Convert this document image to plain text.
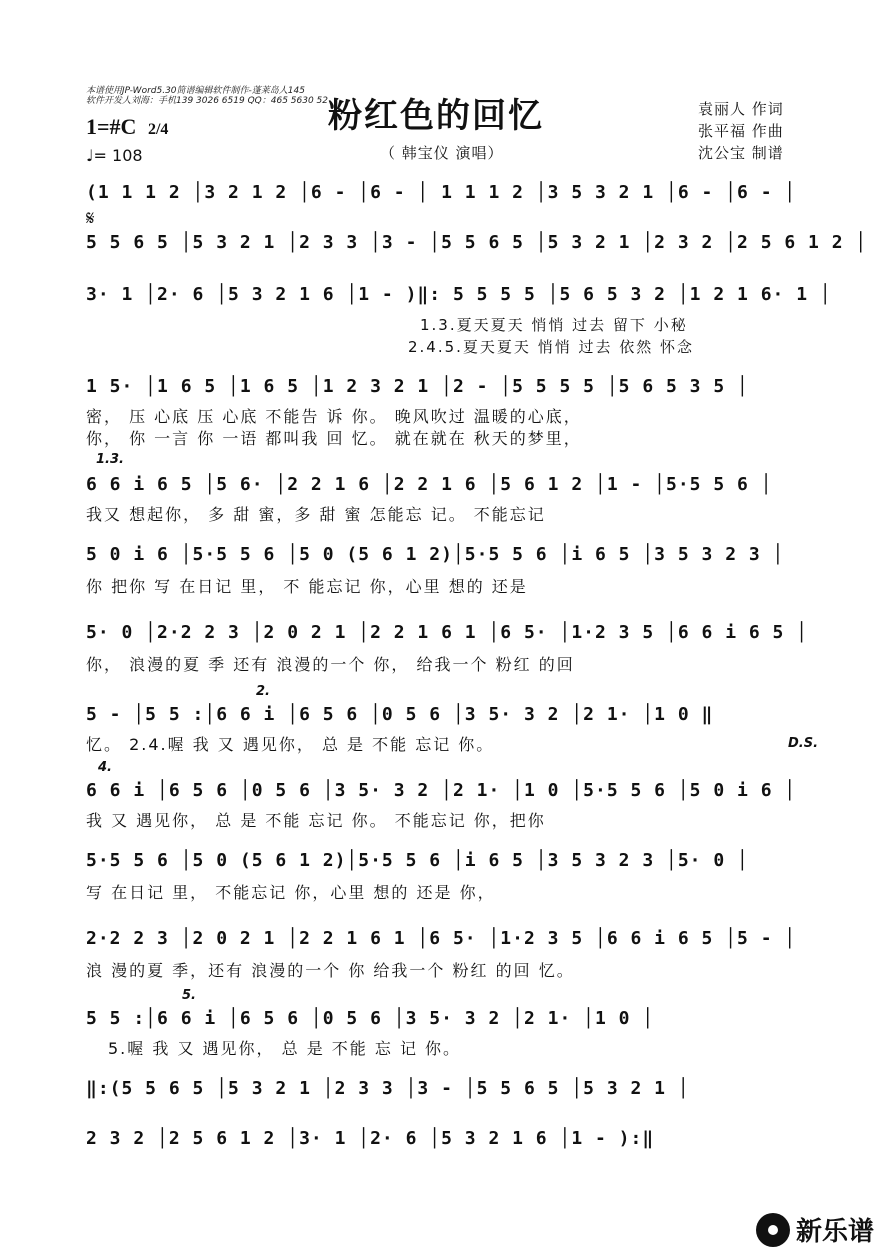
本谱使用JP-Word5.30简谱编辑软件制作-蓬莱岛人145
软件开发人刘海：手机139 3026 6519 QQ：465 5630 52 粉红色的回忆
（ 韩宝仪 演唱）
袁丽人 作词
张平福 作曲
沈公宝 制谱
1=#C 2/4
♩= 108
(1 1 1 2 │3 2 1 2 │6 - │6 - │ 1 1 1 2 │3 5 3 2 1 │6 - │6 - │
𝄋
5 5 6 5 │5 3 2 1 │2 3 3 │3 - │5 5 6 5 │5 3 2 1 │2 3 2 │2 5 6 1 2 │
3· 1 │2· 6 │5 3 2 1 6 │1 - )‖: 5 5 5 5 │5 6 5 3 2 │1 2 1 6· 1 │
1.3.夏天夏天 悄悄 过去 留下 小秘
2.4.5.夏天夏天 悄悄 过去 依然 怀念
1 5· │1 6 5 │1 6 5 │1 2 3 2 1 │2 - │5 5 5 5 │5 6 5 3 5 │
密， 压 心底 压 心底 不能告 诉 你。 晚风吹过 温暖的心底，
你， 你 一言 你 一语 都叫我 回 忆。 就在就在 秋天的梦里，
1.3.
6 6 i 6 5 │5 6· │2 2 1 6 │2 2 1 6 │5 6 1 2 │1 - │5·5 5 6 │
我又 想起你， 多 甜 蜜，多 甜 蜜 怎能忘 记。 不能忘记
5 0 i 6 │5·5 5 6 │5 0 (5 6 1 2)│5·5 5 6 │i 6 5 │3 5 3 2 3 │
你 把你 写 在日记 里， 不 能忘记 你，心里 想的 还是
5· 0 │2·2 2 3 │2 0 2 1 │2 2 1 6 1 │6 5· │1·2 3 5 │6 6 i 6 5 │
你， 浪漫的夏 季 还有 浪漫的一个 你， 给我一个 粉红 的回
2.
5 - │5 5 :│6 6 i │6 5 6 │0 5 6 │3 5· 3 2 │2 1· │1 0 ‖
忆。 2.4.喔 我 又 遇见你， 总 是 不能 忘记 你。	D.S.
4.
6 6 i │6 5 6 │0 5 6 │3 5· 3 2 │2 1· │1 0 │5·5 5 6 │5 0 i 6 │
我 又 遇见你， 总 是 不能 忘记 你。 不能忘记 你，把你
5·5 5 6 │5 0 (5 6 1 2)│5·5 5 6 │i 6 5 │3 5 3 2 3 │5· 0 │
写 在日记 里， 不能忘记 你，心里 想的 还是 你，
2·2 2 3 │2 0 2 1 │2 2 1 6 1 │6 5· │1·2 3 5 │6 6 i 6 5 │5 - │
浪 漫的夏 季，还有 浪漫的一个 你 给我一个 粉红 的回 忆。
5.
5 5 :│6 6 i │6 5 6 │0 5 6 │3 5· 3 2 │2 1· │1 0 │
5.喔 我 又 遇见你， 总 是 不能 忘 记 你。
‖:(5 5 6 5 │5 3 2 1 │2 3 3 │3 - │5 5 6 5 │5 3 2 1 │
2 3 2 │2 5 6 1 2 │3· 1 │2· 6 │5 3 2 1 6 │1 - ):‖
新乐谱
